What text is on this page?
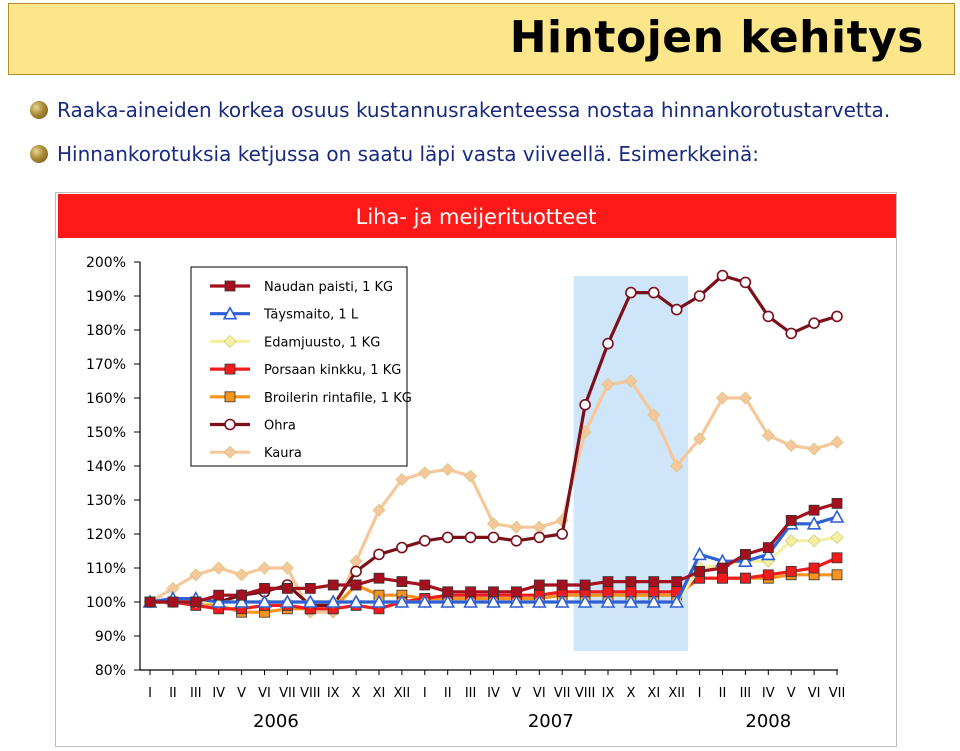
Hintojen kehitys
Raaka-aineiden korkea osuus kustannusrakenteessa nostaa hinnankorotustarvetta.
Hinnankorotuksia ketjussa on saatu läpi vasta viiveellä. Esimerkkeinä:
Liha- ja meijerituotteet
80%
90%
100%
110%
120%
130%
140%
150%
160%
170%
180%
190%
200%
I II III IV V VI VII VIII IX X XI XII I II III IV V VI VII VIII IX X XI XII I II III IV V VI VII
2006	2007	2008
Naudan paisti, 1 KG
Täysmaito, 1 L
Edamjuusto, 1 KG
Porsaan kinkku, 1 KG
Broilerin rintafile, 1 KG
Ohra
Kaura
